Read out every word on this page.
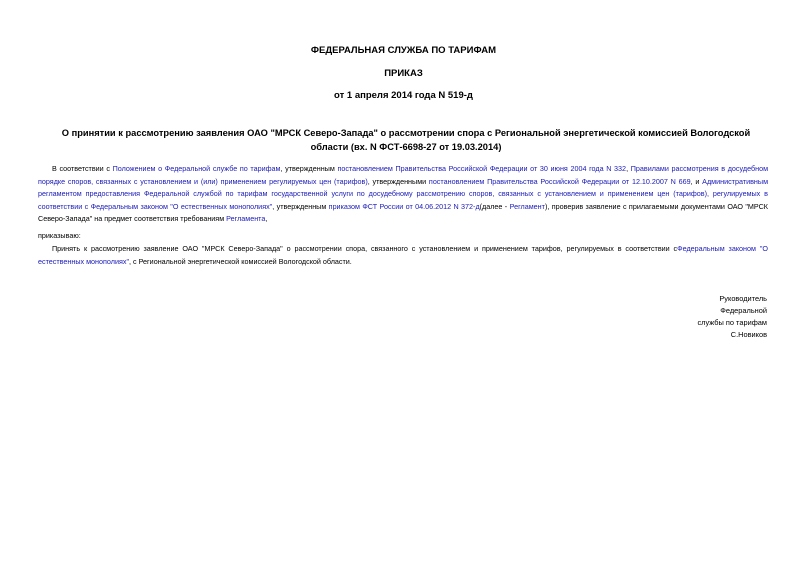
ФЕДЕРАЛЬНАЯ СЛУЖБА ПО ТАРИФАМ
ПРИКАЗ
от 1 апреля 2014 года N 519-д
О принятии к рассмотрению заявления ОАО "МРСК Северо-Запада" о рассмотрении спора с Региональной энергетической комиссией Вологодской области (вх. N ФСТ-6698-27 от 19.03.2014)
В соответствии с Положением о Федеральной службе по тарифам, утвержденным постановлением Правительства Российской Федерации от 30 июня 2004 года N 332, Правилами рассмотрения в досудебном порядке споров, связанных с установлением и (или) применением регулируемых цен (тарифов), утвержденными постановлением Правительства Российской Федерации от 12.10.2007 N 669, и Административным регламентом предоставления Федеральной службой по тарифам государственной услуги по досудебному рассмотрению споров, связанных с установлением и применением цен (тарифов), регулируемых в соответствии с Федеральным законом "О естественных монополиях", утвержденным приказом ФСТ России от 04.06.2012 N 372-д(далее - Регламент), проверив заявление с прилагаемыми документами ОАО "МРСК Северо-Запада" на предмет соответствия требованиям Регламента,
приказываю:
Принять к рассмотрению заявление ОАО "МРСК Северо-Запада" о рассмотрении спора, связанного с установлением и применением тарифов, регулируемых в соответствии сФедеральным законом "О естественных монополиях", с Региональной энергетической комиссией Вологодской области.
Руководитель
Федеральной
службы по тарифам
С.Новиков
